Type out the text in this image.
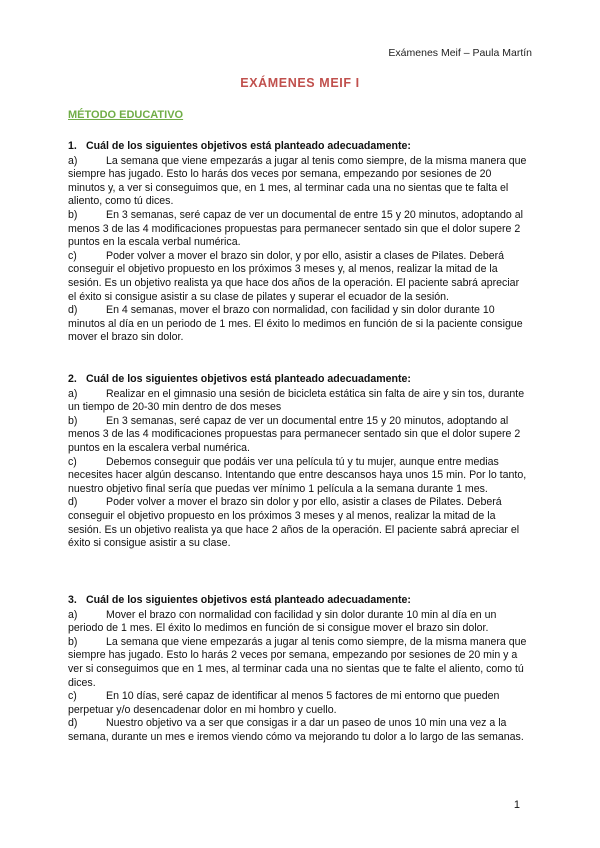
Exámenes Meif – Paula Martín
EXÁMENES MEIF I
MÉTODO EDUCATIVO
1. Cuál de los siguientes objetivos está planteado adecuadamente:
a)	La semana que viene empezarás a jugar al tenis como siempre, de la misma manera que siempre has jugado. Esto lo harás dos veces por semana, empezando por sesiones de 20 minutos y, a ver si conseguimos que, en 1 mes, al terminar cada una no sientas que te falta el aliento, como tú dices.
b)	En 3 semanas, seré capaz de ver un documental de entre 15 y 20 minutos, adoptando al menos 3 de las 4 modificaciones propuestas para permanecer sentado sin que el dolor supere 2 puntos en la escala verbal numérica.
c)	Poder volver a mover el brazo sin dolor, y por ello, asistir a clases de Pilates. Deberá conseguir el objetivo propuesto en los próximos 3 meses y, al menos, realizar la mitad de la sesión. Es un objetivo realista ya que hace dos años de la operación. El paciente sabrá apreciar el éxito si consigue asistir a su clase de pilates y superar el ecuador de la sesión.
d)	En 4 semanas, mover el brazo con normalidad, con facilidad y sin dolor durante 10 minutos al día en un periodo de 1 mes. El éxito lo medimos en función de si la paciente consigue mover el brazo sin dolor.
2. Cuál de los siguientes objetivos está planteado adecuadamente:
a)	Realizar en el gimnasio una sesión de bicicleta estática sin falta de aire y sin tos, durante un tiempo de 20-30 min dentro de dos meses
b)	En 3 semanas, seré capaz de ver un documental entre 15 y 20 minutos, adoptando al menos 3 de las 4 modificaciones propuestas para permanecer sentado sin que el dolor supere 2 puntos en la escalera verbal numérica.
c)	Debemos conseguir que podáis ver una película tú y tu mujer, aunque entre medias necesites hacer algún descanso. Intentando que entre descansos haya unos 15 min. Por lo tanto, nuestro objetivo final sería que puedas ver mínimo 1 película a la semana durante 1 mes.
d)	Poder volver a mover el brazo sin dolor y por ello, asistir a clases de Pilates. Deberá conseguir el objetivo propuesto en los próximos 3 meses y al menos, realizar la mitad de la sesión. Es un objetivo realista ya que hace 2 años de la operación. El paciente sabrá apreciar el éxito si consigue asistir a su clase.
3. Cuál de los siguientes objetivos está planteado adecuadamente:
a)	Mover el brazo con normalidad con facilidad y sin dolor durante 10 min al día en un periodo de 1 mes. El éxito lo medimos en función de si consigue mover el brazo sin dolor.
b)	La semana que viene empezarás a jugar al tenis como siempre, de la misma manera que siempre has jugado. Esto lo harás 2 veces por semana, empezando por sesiones de 20 min y a ver si conseguimos que en 1 mes, al terminar cada una no sientas que te falte el aliento, como tú dices.
c)	En 10 días, seré capaz de identificar al menos 5 factores de mi entorno que pueden perpetuar y/o desencadenar dolor en mi hombro y cuello.
d)	Nuestro objetivo va a ser que consigas ir a dar un paseo de unos 10 min una vez a la semana, durante un mes e iremos viendo cómo va mejorando tu dolor a lo largo de las semanas.
1
